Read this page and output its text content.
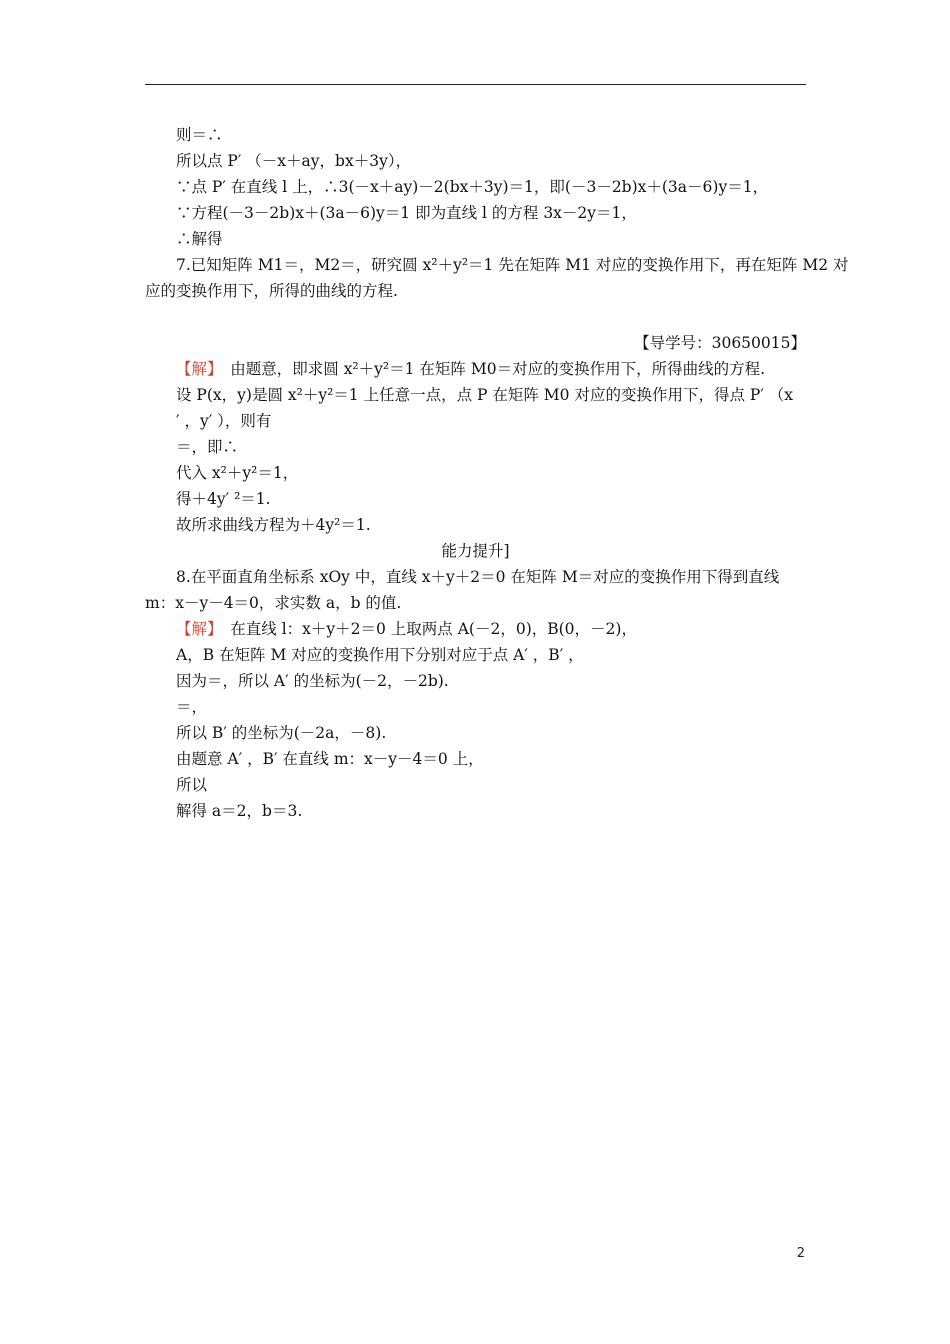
则＝∴
所以点 P′ （－x＋ay，bx＋3y），
∵点 P′ 在直线 l 上，∴3(－x＋ay)－2(bx＋3y)＝1，即(－3－2b)x＋(3a－6)y＝1，
∵方程(－3－2b)x＋(3a－6)y＝1 即为直线 l 的方程 3x－2y＝1，
∴解得
7.已知矩阵 M1＝，M2＝，研究圆 x²＋y²＝1 先在矩阵 M1 对应的变换作用下，再在矩阵 M2 对
应的变换作用下，所得的曲线的方程.
【导学号：30650015】
【解】　由题意，即求圆 x²＋y²＝1 在矩阵 M0＝对应的变换作用下，所得曲线的方程.
设 P(x，y)是圆 x²＋y²＝1 上任意一点，点 P 在矩阵 M0 对应的变换作用下，得点 P′ （x
′ ，y′ ），则有
＝，即∴
代入 x²＋y²＝1，
得＋4y′ ²＝1.
故所求曲线方程为＋4y²＝1.
能力提升]
8.在平面直角坐标系 xOy 中，直线 x＋y＋2＝0 在矩阵 M＝对应的变换作用下得到直线
m：x－y－4＝0，求实数 a，b 的值.
【解】　在直线 l：x＋y＋2＝0 上取两点 A(－2，0)，B(0，－2)，
A，B 在矩阵 M 对应的变换作用下分别对应于点 A′ ，B′ ，
因为＝，所以 A′ 的坐标为(－2，－2b).
＝，
所以 B′ 的坐标为(－2a，－8).
由题意 A′ ，B′ 在直线 m：x－y－4＝0 上，
所以
解得 a＝2，b＝3.
2
